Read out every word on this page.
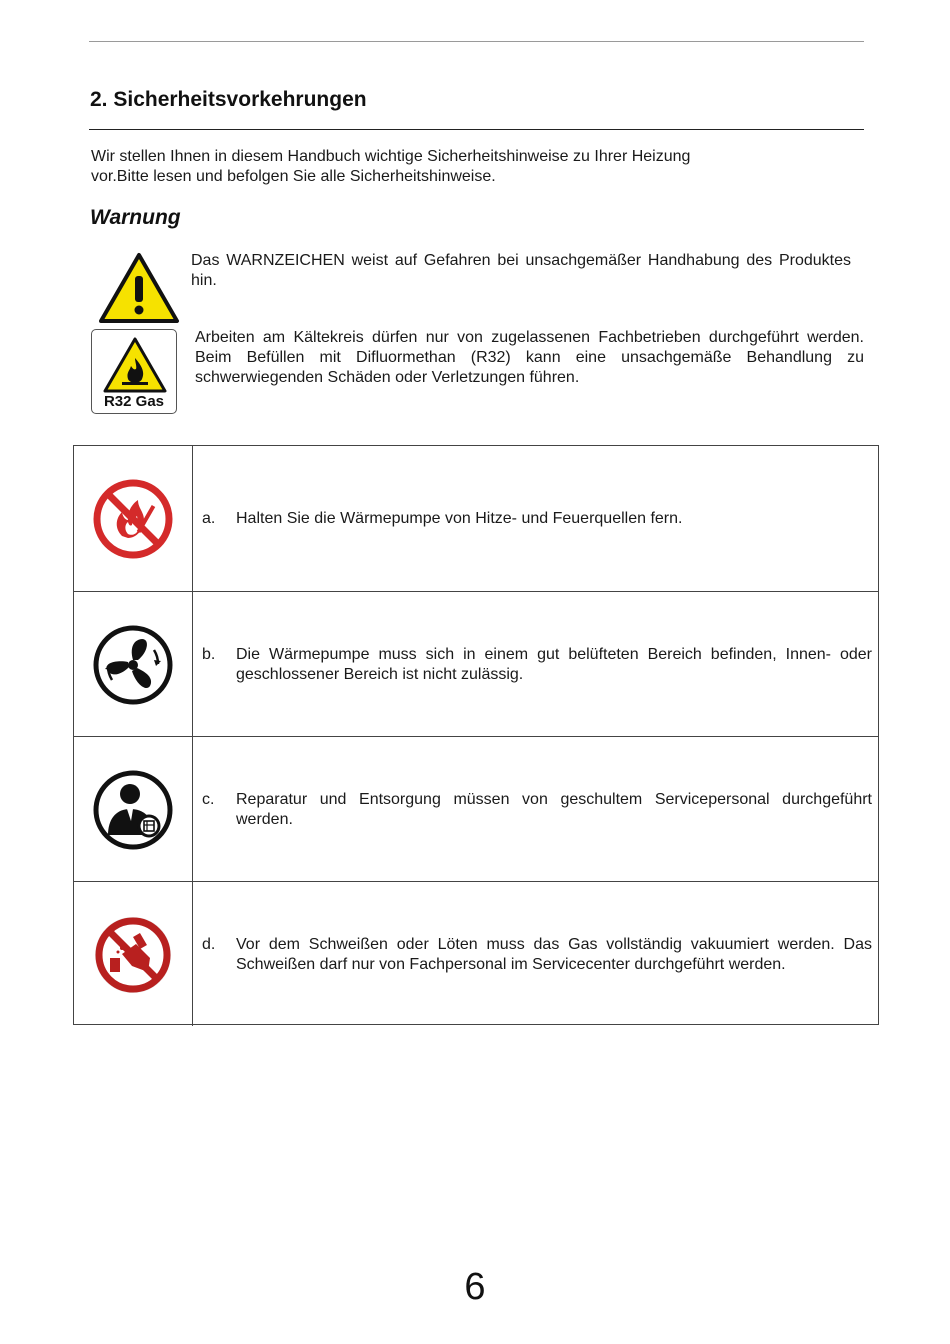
2. Sicherheitsvorkehrungen
Wir stellen Ihnen in diesem Handbuch wichtige Sicherheitshinweise zu Ihrer Heizung vor.Bitte lesen und befolgen Sie alle Sicherheitshinweise.
Warnung
Das WARNZEICHEN weist auf Gefahren bei unsachgemäßer Handhabung des Produktes hin.
R32 Gas
Arbeiten am Kältekreis dürfen nur von zugelassenen Fachbetrieben durchgeführt werden. Beim Befüllen mit Difluormethan (R32) kann eine unsachgemäße Behandlung zu schwerwiegenden Schäden oder Verletzungen führen.
a. Halten Sie die Wärmepumpe von Hitze- und Feuerquellen fern.
b. Die Wärmepumpe muss sich in einem gut belüfteten Bereich befinden, Innen- oder geschlossener Bereich ist nicht zulässig.
c. Reparatur und Entsorgung müssen von geschultem Servicepersonal durchgeführt werden.
d. Vor dem Schweißen oder Löten muss das Gas vollständig vakuumiert werden. Das Schweißen darf nur von Fachpersonal im Servicecenter durchgeführt werden.
6
